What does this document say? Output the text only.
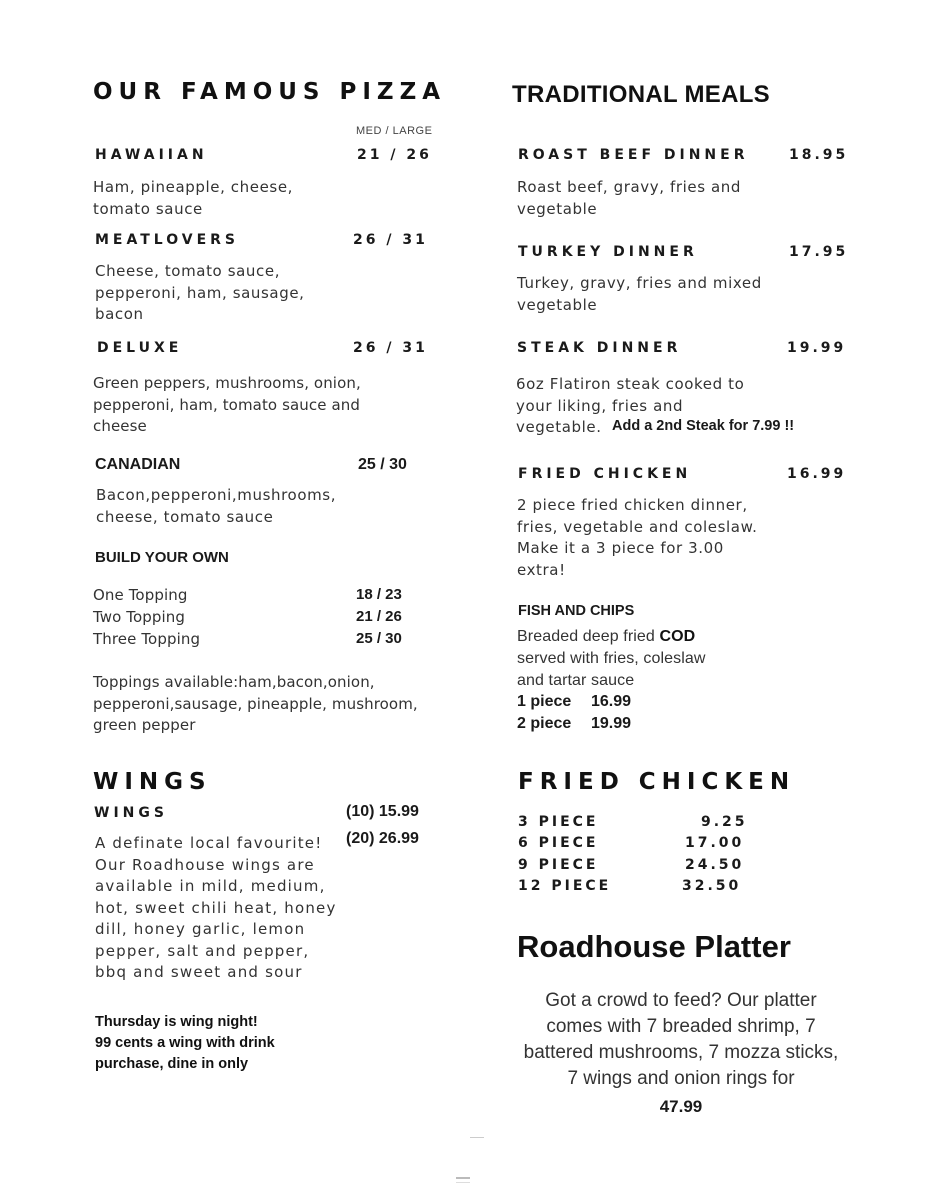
OUR FAMOUS PIZZA
MED / LARGE
HAWAIIAN	21 / 26
Ham, pineapple, cheese,
tomato sauce
MEATLOVERS	26 / 31
Cheese, tomato sauce,
pepperoni, ham, sausage,
bacon
DELUXE	26 / 31
Green peppers, mushrooms, onion,
pepperoni, ham, tomato sauce and
cheese
CANADIAN	25 / 30
Bacon,pepperoni,mushrooms,
cheese, tomato sauce
BUILD YOUR OWN
One Topping	18 / 23
Two Topping	21 / 26
Three Topping	25 / 30
Toppings available:ham,bacon,onion,
pepperoni,sausage, pineapple, mushroom,
green pepper
WINGS
WINGS	(10) 15.99
(20) 26.99
A definate local favourite!
Our Roadhouse wings are
available in mild, medium,
hot, sweet chili heat, honey
dill, honey garlic, lemon
pepper, salt and pepper,
bbq and sweet and sour
Thursday is wing night!
99 cents a wing with drink
purchase, dine in only
TRADITIONAL MEALS
ROAST BEEF DINNER	18.95
Roast beef, gravy, fries and
vegetable
TURKEY DINNER	17.95
Turkey, gravy, fries and mixed
vegetable
STEAK DINNER	19.99
6oz Flatiron steak cooked to
your liking, fries and
vegetable. Add a 2nd Steak for 7.99 !!
FRIED CHICKEN	16.99
2 piece fried chicken dinner,
fries, vegetable and coleslaw.
Make it a 3 piece for 3.00
extra!
FISH AND CHIPS
Breaded deep fried COD
served with fries, coleslaw
and tartar sauce
1 piece 16.99
2 piece 19.99
FRIED CHICKEN
3 PIECE	9.25
6 PIECE	17.00
9 PIECE	24.50
12 PIECE	32.50
Roadhouse Platter
Got a crowd to feed? Our platter
comes with 7 breaded shrimp, 7
battered mushrooms, 7 mozza sticks,
7 wings and onion rings for
47.99
